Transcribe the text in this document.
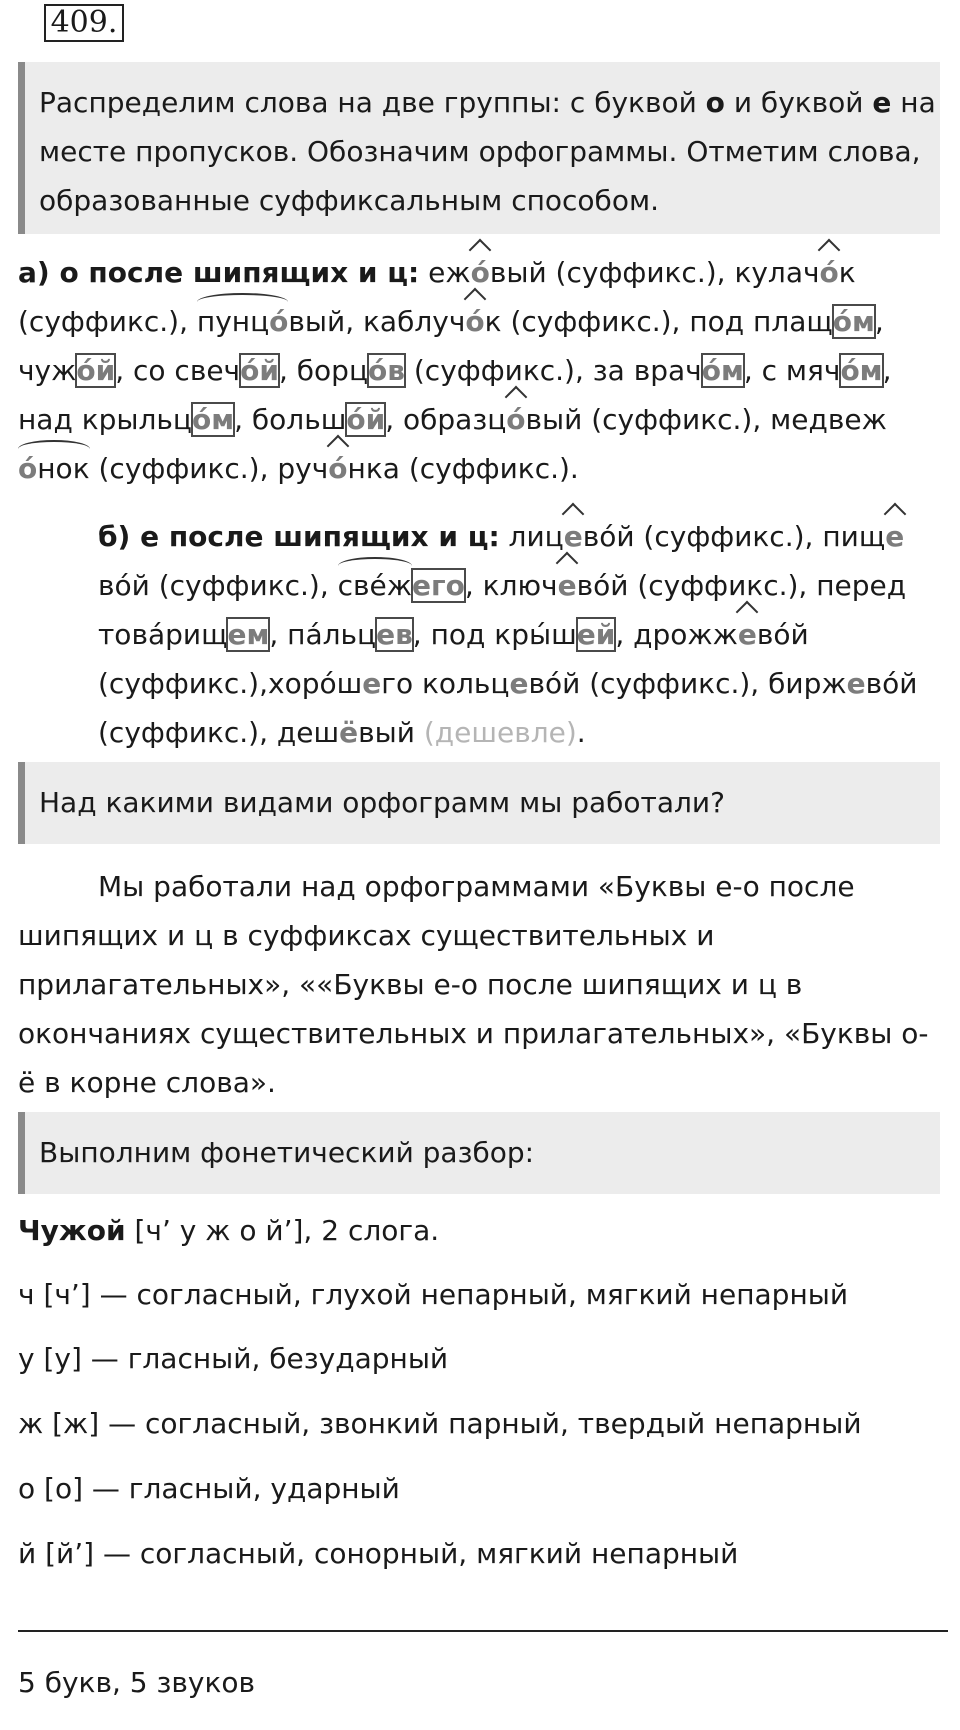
409.
Распределим слова на две группы: с буквой о и буквой е на месте пропусков. Обозначим орфограммы. Отметим слова, образованные суффиксальным способом.
а) о после шипящих и ц: ежо́вый (суффикс.), кулачо́к (суффикс.), пунцо́вый, каблучо́к (суффикс.), под плащо́м, чужо́й, со свечо́й, борцо́в (суффикс.), за врачо́м, с мячо́м, над крыльцо́м, большо́й, образцо́вый (суффикс.), медвежо́нок (суффикс.), ручо́нка (суффикс.).
б) е после шипящих и ц: лицево́й (суффикс.), пищево́й (суффикс.), све́жего, ключево́й (суффикс.), перед това́рищем, па́льцев, под кры́шей, дрожжево́й (суффикс.),хоро́шего кольцево́й (суффикс.), биржево́й (суффикс.), дешёвый (дешевле).
Над какими видами орфограмм мы работали?
Мы работали над орфограммами «Буквы е-о после шипящих и ц в суффиксах существительных и прилагательных», ««Буквы е-о после шипящих и ц в окончаниях существительных и прилагательных», «Буквы о-ё в корне слова».
Выполним фонетический разбор:
Чужой [ч’ у ж о й’], 2 слога.
ч [ч’] — согласный, глухой непарный, мягкий непарный
у [у] — гласный, безударный
ж [ж] — согласный, звонкий парный, твердый непарный
о [о] — гласный, ударный
й [й’] — согласный, сонорный, мягкий непарный
5 букв, 5 звуков
